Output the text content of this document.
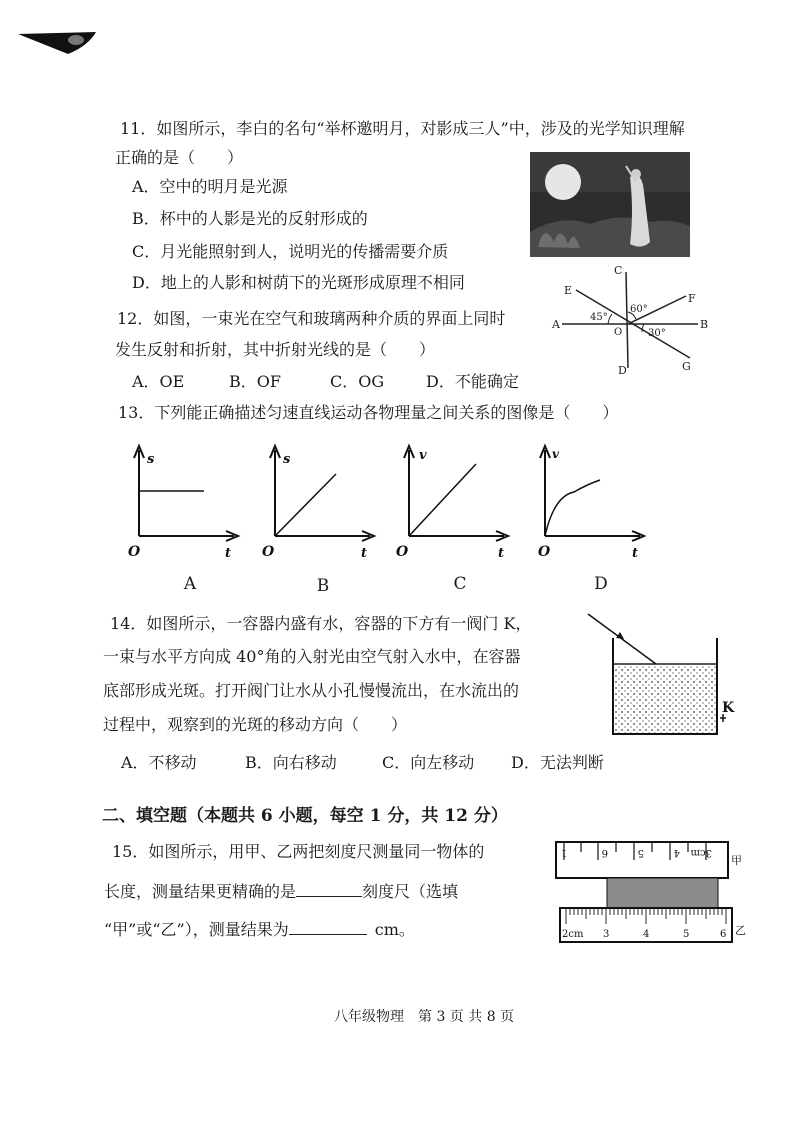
11．如图所示，李白的名句“举杯邀明月，对影成三人”中，涉及的光学知识理解
正确的是（　　）
A．空中的明月是光源
B．杯中的人影是光的反射形成的
C．月光能照射到人，说明光的传播需要介质
D．地上的人影和树荫下的光斑形成原理不相同
12．如图，一束光在空气和玻璃两种介质的界面上同时
发生反射和折射，其中折射光线的是（　　）
A．OE	B．OF	C．OG	D．不能确定
C
E
F
A
O
B
D	G
45°
60°
30°
13．下列能正确描述匀速直线运动各物理量之间关系的图像是（　　）
s
O	t
s
O	t
v
O	t
v
O	t
A	B	C	D
14．如图所示，一容器内盛有水，容器的下方有一阀门 K，
一束与水平方向成 40°角的入射光由空气射入水中，在容器
底部形成光斑。打开阀门让水从小孔慢慢流出，在水流出的
过程中，观察到的光斑的移动方向（　　）
A．不移动	B．向右移动	C．向左移动 D．无法判断
K
二、填空题（本题共 6 小题，每空 1 分，共 12 分）
15．如图所示，用甲、乙两把刻度尺测量同一物体的
长度，测量结果更精确的是	刻度尺（选填
“甲”或“乙”），测量结果为	cm。
1	6	5	4 3cm
甲
2cm 3	4	5	6 乙
八年级物理　第 3 页 共 8 页
